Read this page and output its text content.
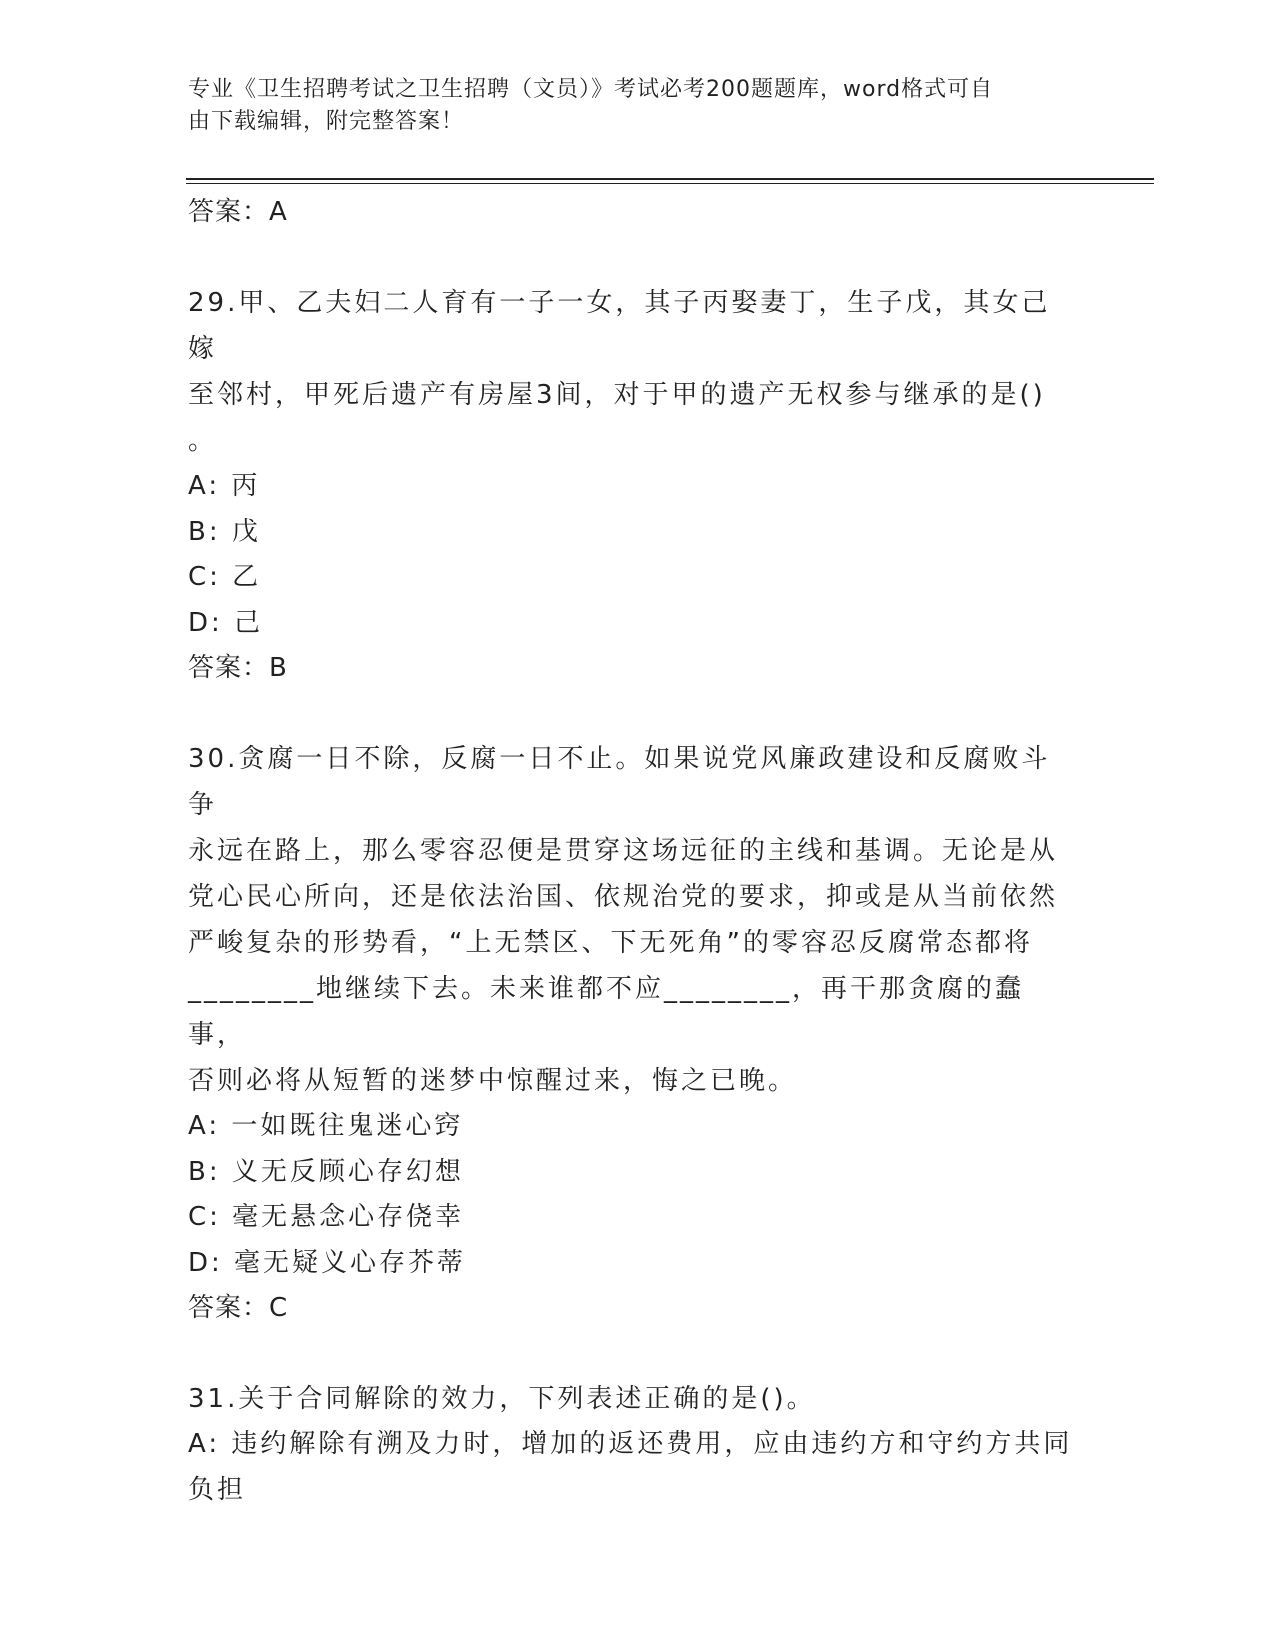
专业《卫生招聘考试之卫生招聘（文员）》考试必考200题题库，word格式可自
由下载编辑，附完整答案！

答案：A

29.甲、乙夫妇二人育有一子一女，其子丙娶妻丁，生子戊，其女己嫁

至邻村，甲死后遗产有房屋3间，对于甲的遗产无权参与继承的是()

。

A: 丙

B: 戊

C: 乙

D: 己

答案：B

30.贪腐一日不除，反腐一日不止。如果说党风廉政建设和反腐败斗争

永远在路上，那么零容忍便是贯穿这场远征的主线和基调。无论是从

党心民心所向，还是依法治国、依规治党的要求，抑或是从当前依然

严峻复杂的形势看，“上无禁区、下无死角”的零容忍反腐常态都将

________地继续下去。未来谁都不应________，再干那贪腐的蠢事，

否则必将从短暂的迷梦中惊醒过来，悔之已晚。

A: 一如既往鬼迷心窍

B: 义无反顾心存幻想

C: 毫无悬念心存侥幸

D: 毫无疑义心存芥蒂

答案：C

31.关于合同解除的效力，下列表述正确的是()。

A: 违约解除有溯及力时，增加的返还费用，应由违约方和守约方共同

负担
